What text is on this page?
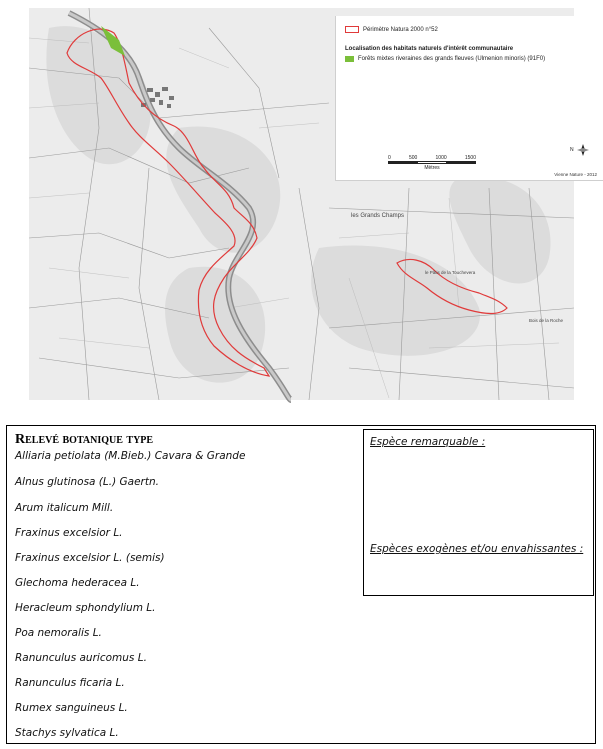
les Grands Champs
le Pâtis de la Touchevera
Bois de la Roche
Périmètre Natura 2000 n°52
Localisation des habitats naturels d'intérêt communautaire
Forêts mixtes riveraines des grands fleuves (Ulmenion minoris) (91F0)
0	500	1000	1500
Mètres
N
Vienne Nature - 2012
Relevé botanique type
Alliaria petiolata (M.Bieb.) Cavara & Grande
Alnus glutinosa (L.) Gaertn.
Arum italicum Mill.
Fraxinus excelsior L.
Fraxinus excelsior L. (semis)
Glechoma hederacea L.
Heracleum sphondylium L.
Poa nemoralis L.
Ranunculus auricomus L.
Ranunculus ficaria L.
Rumex sanguineus L.
Stachys sylvatica L.
Espèce remarquable :
Espèces exogènes et/ou envahissantes :
